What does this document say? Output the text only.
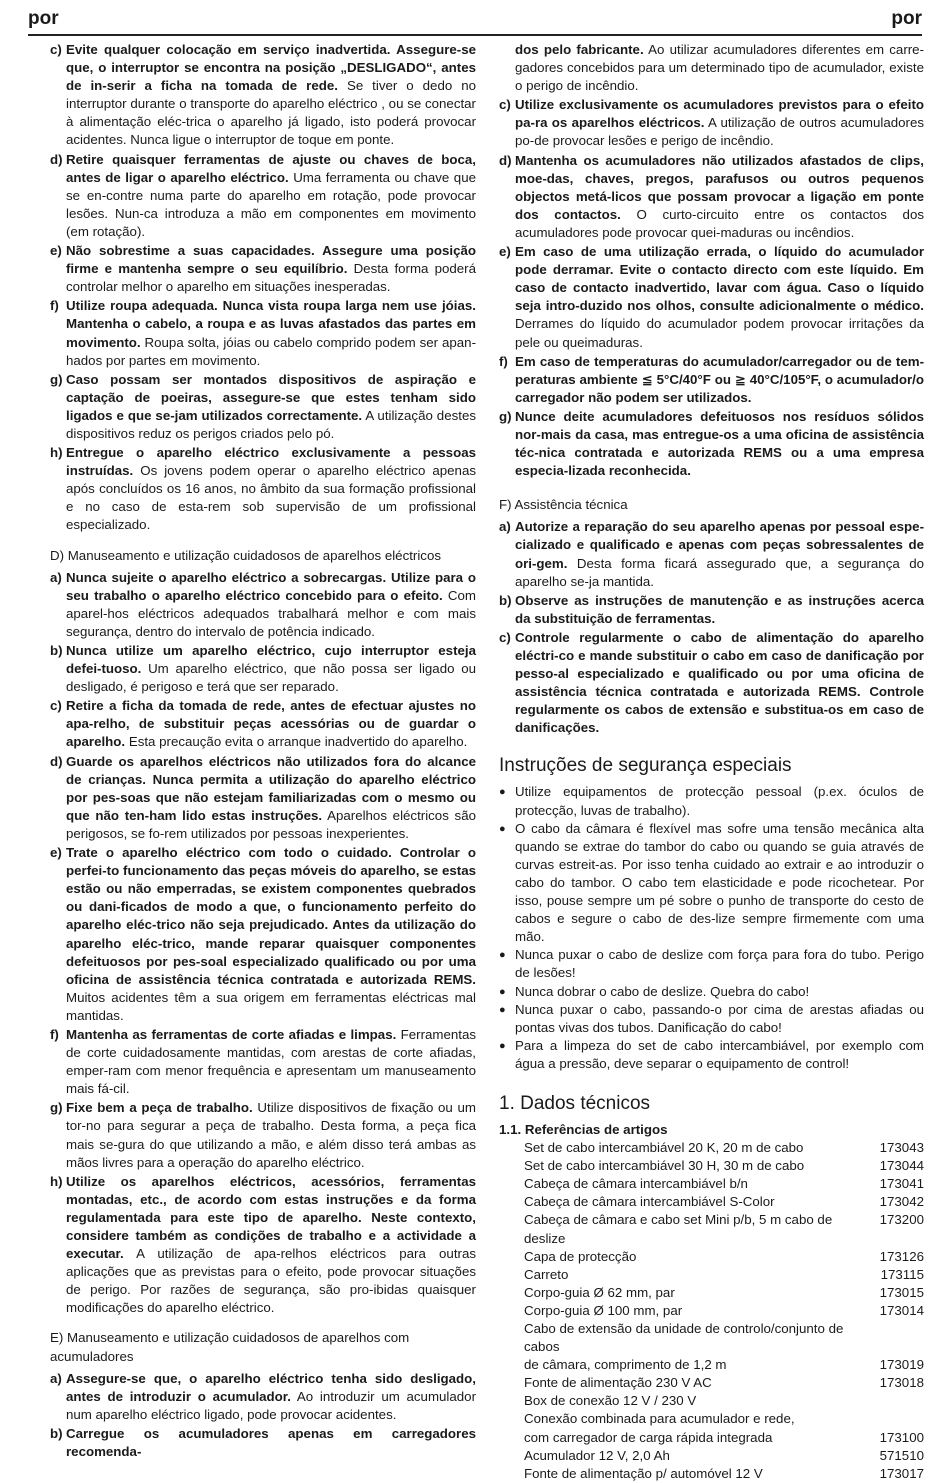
por	por
c) Evite qualquer colocação em serviço inadvertida. Assegure-se que, o interruptor se encontra na posição „DESLIGADO“, antes de in-serir a ficha na tomada de rede. Se tiver o dedo no interruptor durante o transporte do aparelho eléctrico , ou se conectar à alimentação eléc-trica o aparelho já ligado, isto poderá provocar acidentes. Nunca ligue o interruptor de toque em ponte.
d) Retire quaisquer ferramentas de ajuste ou chaves de boca, antes de ligar o aparelho eléctrico. Uma ferramenta ou chave que se en-contre numa parte do aparelho em rotação, pode provocar lesões. Nun-ca introduza a mão em componentes em movimento (em rotação).
e) Não sobrestime a suas capacidades. Assegure uma posição firme e mantenha sempre o seu equilíbrio. Desta forma poderá controlar melhor o aparelho em situações inesperadas.
f) Utilize roupa adequada. Nunca vista roupa larga nem use jóias. Mantenha o cabelo, a roupa e as luvas afastados das partes em movimento. Roupa solta, jóias ou cabelo comprido podem ser apan-hados por partes em movimento.
g) Caso possam ser montados dispositivos de aspiração e captação de poeiras, assegure-se que estes tenham sido ligados e que se-jam utilizados correctamente. A utilização destes dispositivos reduz os perigos criados pelo pó.
h) Entregue o aparelho eléctrico exclusivamente a pessoas instruídas. Os jovens podem operar o aparelho eléctrico apenas após concluídos os 16 anos, no âmbito da sua formação profissional e no caso de esta-rem sob supervisão de um profissional especializado.
D) Manuseamento e utilização cuidadosos de aparelhos eléctricos
a) Nunca sujeite o aparelho eléctrico a sobrecargas. Utilize para o seu trabalho o aparelho eléctrico concebido para o efeito. Com aparel-hos eléctricos adequados trabalhará melhor e com mais segurança, dentro do intervalo de potência indicado.
b) Nunca utilize um aparelho eléctrico, cujo interruptor esteja defei-tuoso. Um aparelho eléctrico, que não possa ser ligado ou desligado, é perigoso e terá que ser reparado.
c) Retire a ficha da tomada de rede, antes de efectuar ajustes no apa-relho, de substituir peças acessórias ou de guardar o aparelho. Esta precaução evita o arranque inadvertido do aparelho.
d) Guarde os aparelhos eléctricos não utilizados fora do alcance de crianças. Nunca permita a utilização do aparelho eléctrico por pes-soas que não estejam familiarizadas com o mesmo ou que não ten-ham lido estas instruções. Aparelhos eléctricos são perigosos, se fo-rem utilizados por pessoas inexperientes.
e) Trate o aparelho eléctrico com todo o cuidado. Controlar o perfei-to funcionamento das peças móveis do aparelho, se estas estão ou não emperradas, se existem componentes quebrados ou dani-ficados de modo a que, o funcionamento perfeito do aparelho eléc-trico não seja prejudicado. Antes da utilização do aparelho eléc-trico, mande reparar quaisquer componentes defeituosos por pes-soal especializado qualificado ou por uma oficina de assistência técnica contratada e autorizada REMS. Muitos acidentes têm a sua origem em ferramentas eléctricas mal mantidas.
f) Mantenha as ferramentas de corte afiadas e limpas. Ferramentas de corte cuidadosamente mantidas, com arestas de corte afiadas, emper-ram com menor frequência e apresentam um manuseamento mais fá-cil.
g) Fixe bem a peça de trabalho. Utilize dispositivos de fixação ou um tor-no para segurar a peça de trabalho. Desta forma, a peça fica mais se-gura do que utilizando a mão, e além disso terá ambas as mãos livres para a operação do aparelho eléctrico.
h) Utilize os aparelhos eléctricos, acessórios, ferramentas montadas, etc., de acordo com estas instruções e da forma regulamentada para este tipo de aparelho. Neste contexto, considere também as condições de trabalho e a actividade a executar. A utilização de apa-relhos eléctricos para outras aplicações que as previstas para o efeito, pode provocar situações de perigo. Por razões de segurança, são pro-ibidas quaisquer modificações do aparelho eléctrico.
E) Manuseamento e utilização cuidadosos de aparelhos com acumuladores
a) Assegure-se que, o aparelho eléctrico tenha sido desligado, antes de introduzir o acumulador. Ao introduzir um acumulador num aparelho eléctrico ligado, pode provocar acidentes.
b) Carregue os acumuladores apenas em carregadores recomenda-
dos pelo fabricante. Ao utilizar acumuladores diferentes em carre-gadores concebidos para um determinado tipo de acumulador, existe o perigo de incêndio.
c) Utilize exclusivamente os acumuladores previstos para o efeito pa-ra os aparelhos eléctricos. A utilização de outros acumuladores po-de provocar lesões e perigo de incêndio.
d) Mantenha os acumuladores não utilizados afastados de clips, moe-das, chaves, pregos, parafusos ou outros pequenos objectos metá-licos que possam provocar a ligação em ponte dos contactos. O curto-circuito entre os contactos dos acumuladores pode provocar quei-maduras ou incêndios.
e) Em caso de uma utilização errada, o líquido do acumulador pode derramar. Evite o contacto directo com este líquido. Em caso de contacto inadvertido, lavar com água. Caso o líquido seja intro-duzido nos olhos, consulte adicionalmente o médico. Derrames do líquido do acumulador podem provocar irritações da pele ou queimaduras.
f) Em caso de temperaturas do acumulador/carregador ou de tem-peraturas ambiente ≦ 5°C/40°F ou ≧ 40°C/105°F, o acumulador/o carregador não podem ser utilizados.
g) Nunce deite acumuladores defeituosos nos resíduos sólidos nor-mais da casa, mas entregue-os a uma oficina de assistência téc-nica contratada e autorizada REMS ou a uma empresa especia-lizada reconhecida.
F) Assistência técnica
a) Autorize a reparação do seu aparelho apenas por pessoal espe-cializado e qualificado e apenas com peças sobressalentes de ori-gem. Desta forma ficará assegurado que, a segurança do aparelho se-ja mantida.
b) Observe as instruções de manutenção e as instruções acerca da substituição de ferramentas.
c) Controle regularmente o cabo de alimentação do aparelho eléctri-co e mande substituir o cabo em caso de danificação por pesso-al especializado e qualificado ou por uma oficina de assistência técnica contratada e autorizada REMS. Controle regularmente os cabos de extensão e substitua-os em caso de danificações.
Instruções de segurança especiais
● Utilize equipamentos de protecção pessoal (p.ex. óculos de protecção, luvas de trabalho).
● O cabo da câmara é flexível mas sofre uma tensão mecânica alta quando se extrae do tambor do cabo ou quando se guia através de curvas estreit-as. Por isso tenha cuidado ao extrair e ao introduzir o cabo do tambor. O cabo tem elasticidade e pode ricochetear. Por isso, pouse sempre um pé sobre o punho de transporte do cesto de cabos e segure o cabo de des-lize sempre firmemente com uma mão.
● Nunca puxar o cabo de deslize com força para fora do tubo. Perigo de lesões!
● Nunca dobrar o cabo de deslize. Quebra do cabo!
● Nunca puxar o cabo, passando-o por cima de arestas afiadas ou pontas vivas dos tubos. Danificação do cabo!
● Para a limpeza do set de cabo intercambiável, por exemplo com água a pressão, deve separar o equipamento de control!
1. Dados técnicos
1.1. Referências de artigos
Set de cabo intercambiável 20 K, 20 m de cabo	173043
Set de cabo intercambiável 30 H, 30 m de cabo	173044
Cabeça de câmara intercambiável b/n	173041
Cabeça de câmara intercambiável S-Color	173042
Cabeça de câmara e cabo set Mini p/b, 5 m cabo de deslize	173200
Capa de protecção	173126
Carreto	173115
Corpo-guia Ø 62 mm, par	173015
Corpo-guia Ø 100 mm, par	173014
Cabo de extensão da unidade de controlo/conjunto de cabos	
de câmara, comprimento de 1,2 m	173019
Fonte de alimentação 230 V AC	173018
Box de conexão 12 V / 230 V	
Conexão combinada para acumulador e rede,	
com carregador de carga rápida integrada	173100
Acumulador 12 V, 2,0 Ah	571510
Fonte de alimentação p/ automóvel 12 V	173017
